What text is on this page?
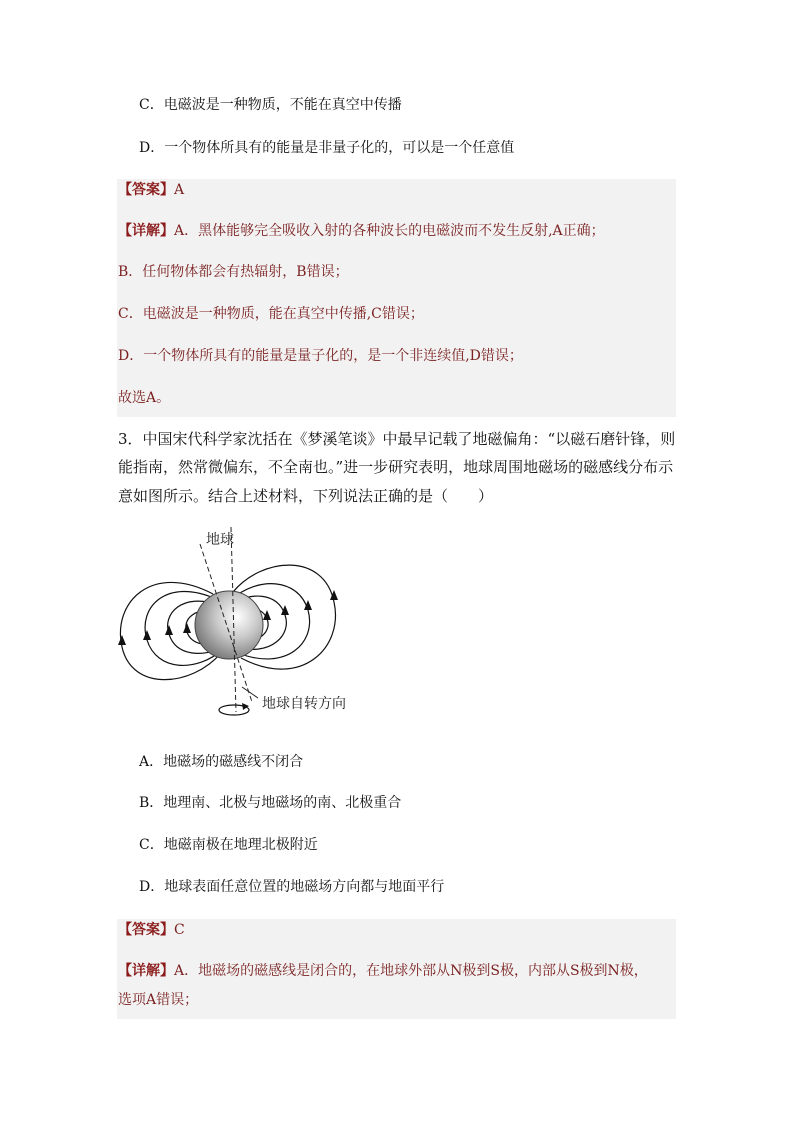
C．电磁波是一种物质，不能在真空中传播
D．一个物体所具有的能量是非量子化的，可以是一个任意值
【答案】A
【详解】A．黑体能够完全吸收入射的各种波长的电磁波而不发生反射,A正确；
B．任何物体都会有热辐射，B错误；
C．电磁波是一种物质，能在真空中传播,C错误；
D．一个物体所具有的能量是量子化的，是一个非连续值,D错误；
故选A。
3．中国宋代科学家沈括在《梦溪笔谈》中最早记载了地磁偏角：“以磁石磨针锋，则
能指南，然常微偏东，不全南也。”进一步研究表明，地球周围地磁场的磁感线分布示
意如图所示。结合上述材料，下列说法正确的是（　　）
地球
地球自转方向
A．地磁场的磁感线不闭合
B．地理南、北极与地磁场的南、北极重合
C．地磁南极在地理北极附近
D．地球表面任意位置的地磁场方向都与地面平行
【答案】C
【详解】A．地磁场的磁感线是闭合的，在地球外部从N极到S极，内部从S极到N极，
选项A错误；
